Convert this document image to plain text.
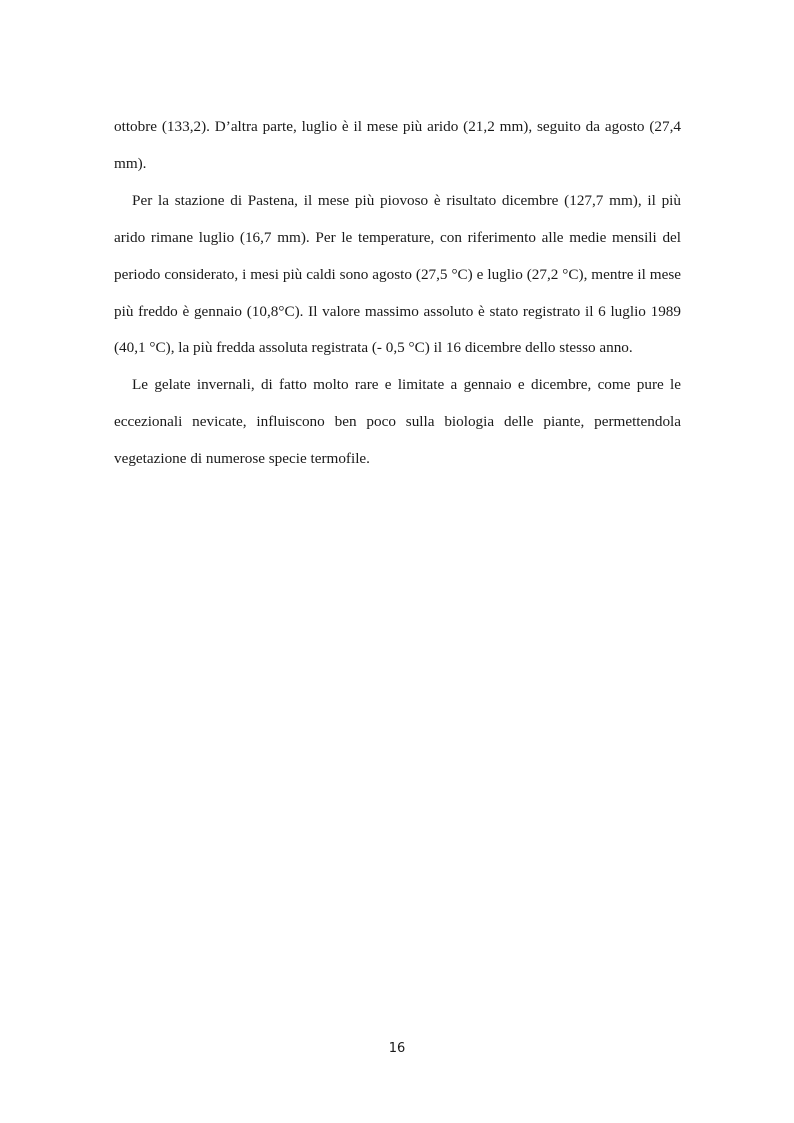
ottobre (133,2). D’altra parte, luglio è il mese più arido (21,2 mm), seguito da agosto (27,4 mm).

Per la stazione di Pastena, il mese più piovoso è risultato dicembre (127,7 mm), il più arido rimane luglio (16,7 mm). Per le temperature, con riferimento alle medie mensili del periodo considerato, i mesi più caldi sono agosto (27,5 °C) e luglio (27,2 °C), mentre il mese più freddo è gennaio (10,8°C). Il valore massimo assoluto è stato registrato il 6 luglio 1989 (40,1 °C), la più fredda assoluta registrata (- 0,5 °C) il 16 dicembre dello stesso anno.

Le gelate invernali, di fatto molto rare e limitate a gennaio e dicembre, come pure le eccezionali nevicate, influiscono ben poco sulla biologia delle piante, permettendola vegetazione di numerose specie termofile.

16
